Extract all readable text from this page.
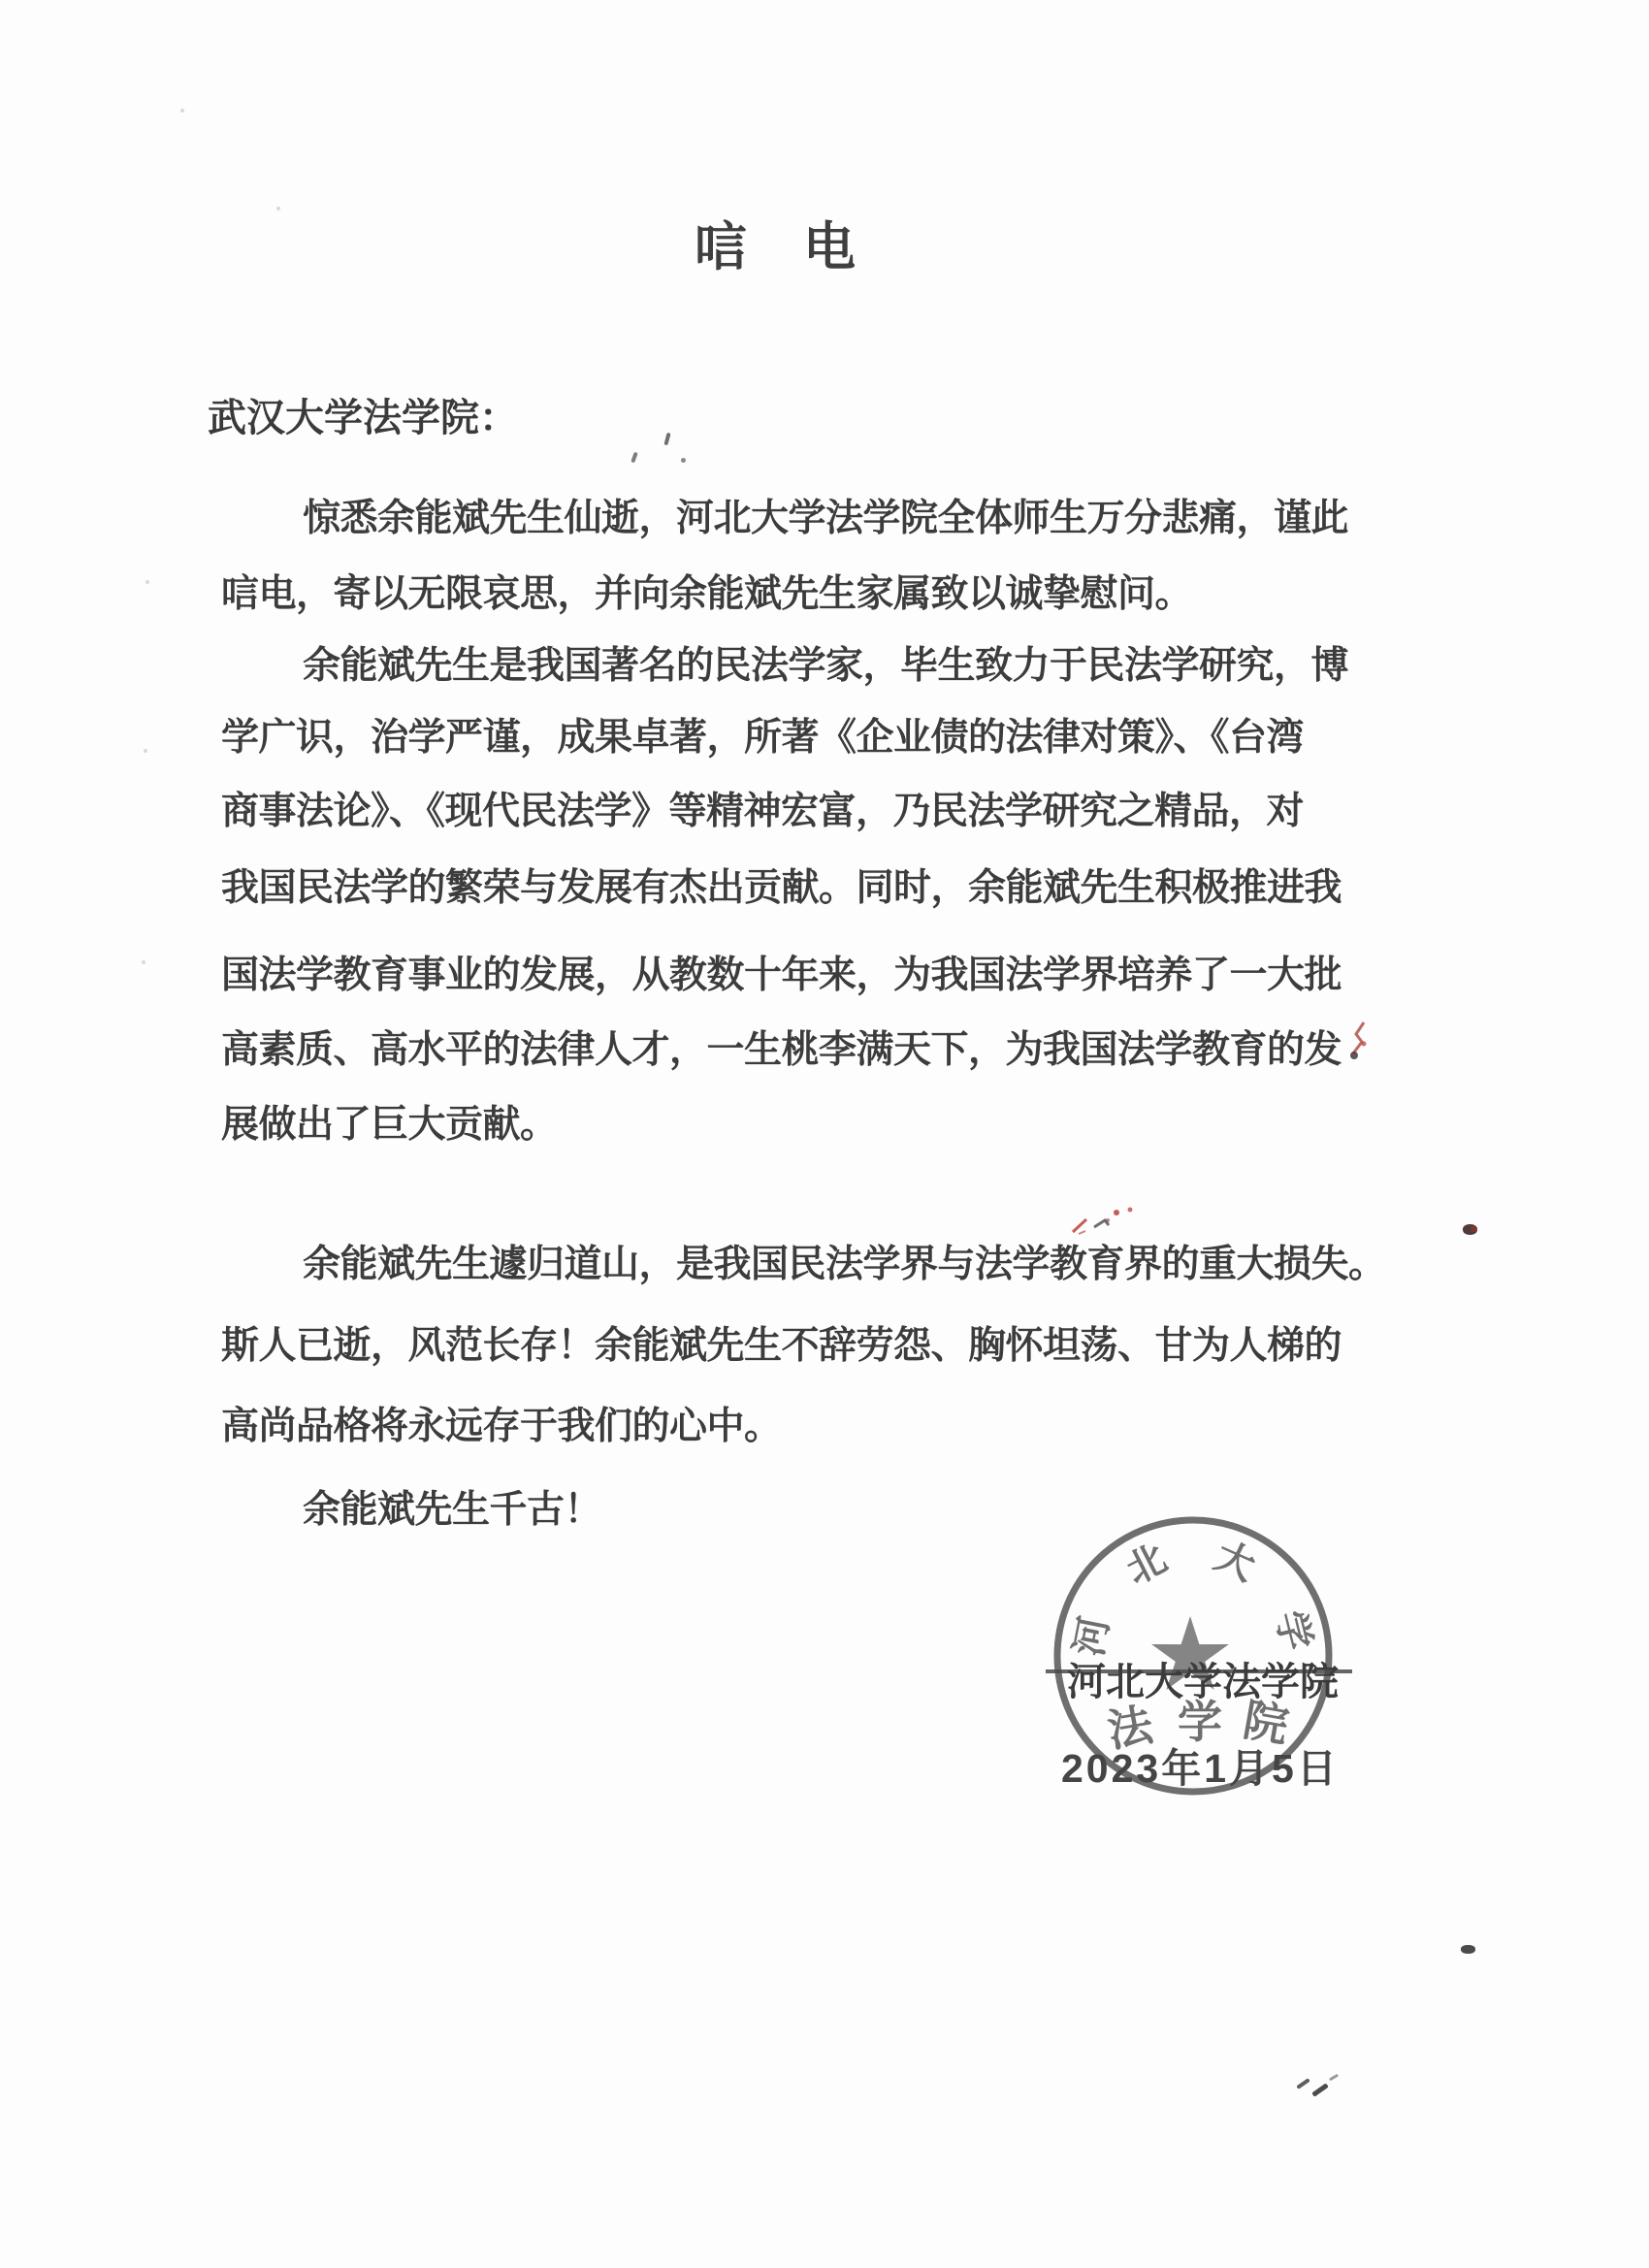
唁　电
武汉大学法学院：
惊悉余能斌先生仙逝，河北大学法学院全体师生万分悲痛，谨此
唁电，寄以无限哀思，并向余能斌先生家属致以诚挚慰问。
余能斌先生是我国著名的民法学家，毕生致力于民法学研究，博
学广识，治学严谨，成果卓著，所著《企业债的法律对策》、《台湾
商事法论》、《现代民法学》等精神宏富，乃民法学研究之精品，对
我国民法学的繁荣与发展有杰出贡献。同时，余能斌先生积极推进我
国法学教育事业的发展，从教数十年来，为我国法学界培养了一大批
高素质、高水平的法律人才，一生桃李满天下，为我国法学教育的发
展做出了巨大贡献。
余能斌先生遽归道山，是我国民法学界与法学教育界的重大损失。
斯人已逝，风范长存！余能斌先生不辞劳怨、胸怀坦荡、甘为人梯的
高尚品格将永远存于我们的心中。
余能斌先生千古！
河
北 大
学
法 学 院
河北大学法学院
2023年1月5日
